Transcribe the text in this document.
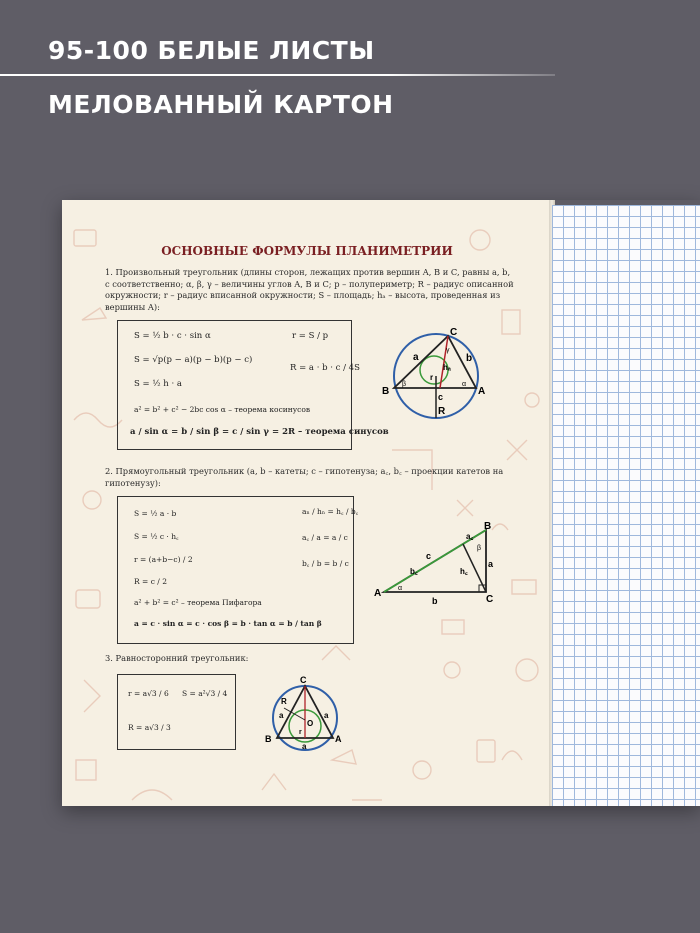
95-100 БЕЛЫЕ ЛИСТЫ
МЕЛОВАННЫЙ КАРТОН
ОСНОВНЫЕ ФОРМУЛЫ ПЛАНИМЕТРИИ
1. Произвольный треугольник (длины сторон, лежащих против вершин A, B и C, равны a, b, c соответственно; α, β, γ – величины углов A, B и C; p – полупериметр; R – радиус описанной окружности; r – радиус вписанной окружности; S – площадь; hₐ – высота, проведенная из вершины A):
S = ½ b · c · sin α	r = S / p
S = √p(p − a)(p − b)(p − c)
R = a · b · c / 4S
S = ½ h · a
a² = b² + c² − 2bc cos α – теорема косинусов
a / sin α = b / sin β = c / sin γ = 2R – теорема синусов
C
a	b
γ
hₐ
r
α
B
β
c	A
R
2. Прямоугольный треугольник (a, b – катеты; c – гипотенуза; a꜀, b꜀ – проекции катетов на гипотенузу):
S = ½ a · b	aₙ / hₙ = h꜀ / b꜀
S = ½ c · h꜀	a꜀ / a = a / c
r = (a+b−c) / 2	b꜀ / b = b / c
R = c / 2
a² + b² = c² – теорема Пифагора
a = c · sin α = c · cos β = b · tan α = b / tan β
B
a꜀
β
c
h꜀
a
b꜀
A α
b	C
3. Равносторонний треугольник:
r = a√3 / 6 S = a²√3 / 4
R = a√3 / 3
C
R
a	a
O
r
B
a
A
